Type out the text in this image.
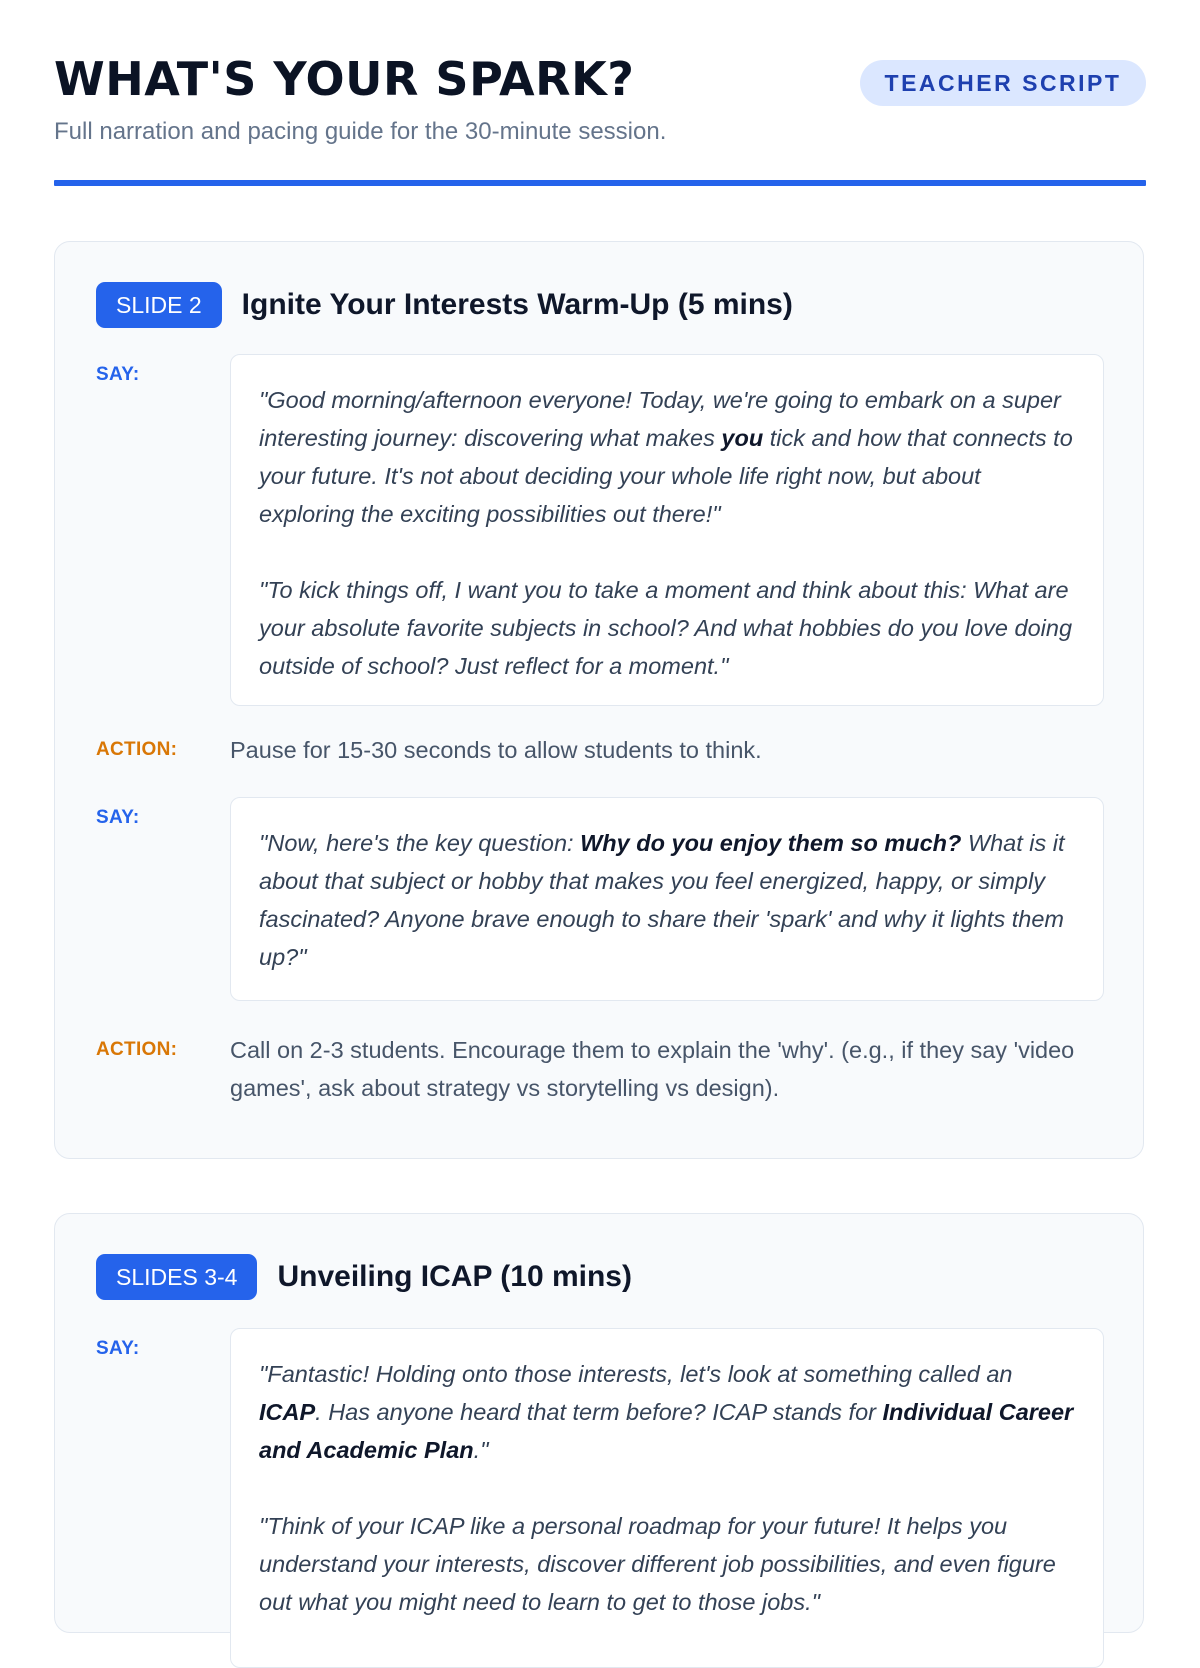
WHAT'S YOUR SPARK?	TEACHER SCRIPT

Full narration and pacing guide for the 30-minute session.

SLIDE 2	Ignite Your Interests Warm-Up (5 mins)
SAY:

"Good morning/afternoon everyone! Today, we're going to embark on a super interesting journey: discovering what makes you tick and how that connects to your future. It's not about deciding your whole life right now, but about exploring the exciting possibilities out there!"

"To kick things off, I want you to take a moment and think about this: What are your absolute favorite subjects in school? And what hobbies do you love doing outside of school? Just reflect for a moment."

ACTION: Pause for 15-30 seconds to allow students to think.

SAY:

"Now, here's the key question: Why do you enjoy them so much? What is it about that subject or hobby that makes you feel energized, happy, or simply fascinated? Anyone brave enough to share their 'spark' and why it lights them up?"

ACTION: Call on 2-3 students. Encourage them to explain the 'why'. (e.g., if they say 'video games', ask about strategy vs storytelling vs design).

SLIDES 3-4	Unveiling ICAP (10 mins)
SAY:

"Fantastic! Holding onto those interests, let's look at something called an ICAP. Has anyone heard that term before? ICAP stands for Individual Career and Academic Plan."

"Think of your ICAP like a personal roadmap for your future! It helps you understand your interests, discover different job possibilities, and even figure out what you might need to learn to get to those jobs."
